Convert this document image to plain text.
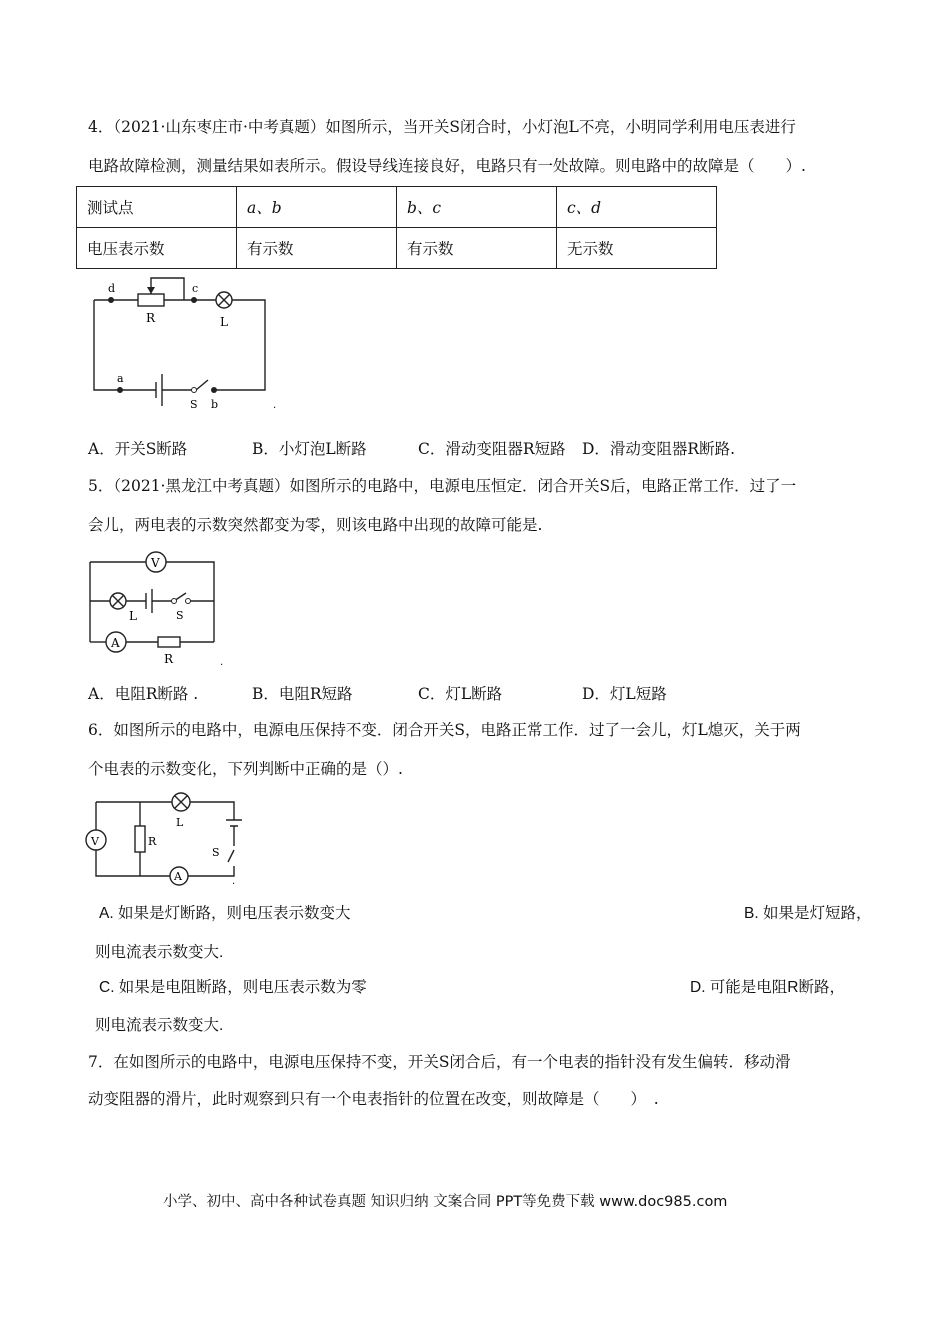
4．（2021·山东枣庄市·中考真题）如图所示，当开关S闭合时，小灯泡L不亮，小明同学利用电压表进行
电路故障检测，测量结果如表所示。假设导线连接良好，电路只有一处故障。则电路中的故障是（　　）.
测试点	a、b	b、c	c、d
电压表示数	有示数	有示数	无示数
d
R
c
L
a
S b	.
A．开关S断路	B．小灯泡L断路	C．滑动变阻器R短路 D．滑动变阻器R断路.
5．（2021·黑龙江中考真题）如图所示的电路中，电源电压恒定．闭合开关S后，电路正常工作．过了一
会儿，两电表的示数突然都变为零，则该电路中出现的故障可能是.
V
L	S
A
R	.
A．电阻R断路 .	B．电阻R短路	C．灯L断路	D．灯L短路
6．如图所示的电路中，电源电压保持不变．闭合开关S，电路正常工作．过了一会儿，灯L熄灭，关于两
个电表的示数变化，下列判断中正确的是（）.
V	R
L
S
A	.
A. 如果是灯断路，则电压表示数变大	B. 如果是灯短路，
则电流表示数变大.
C. 如果是电阻断路，则电压表示数为零	D. 可能是电阻R断路，
则电流表示数变大.
7．在如图所示的电路中，电源电压保持不变，开关S闭合后，有一个电表的指针没有发生偏转．移动滑
动变阻器的滑片，此时观察到只有一个电表指针的位置在改变，则故障是（　　）　.
小学、初中、高中各种试卷真题 知识归纳 文案合同 PPT等免费下载 www.doc985.com
